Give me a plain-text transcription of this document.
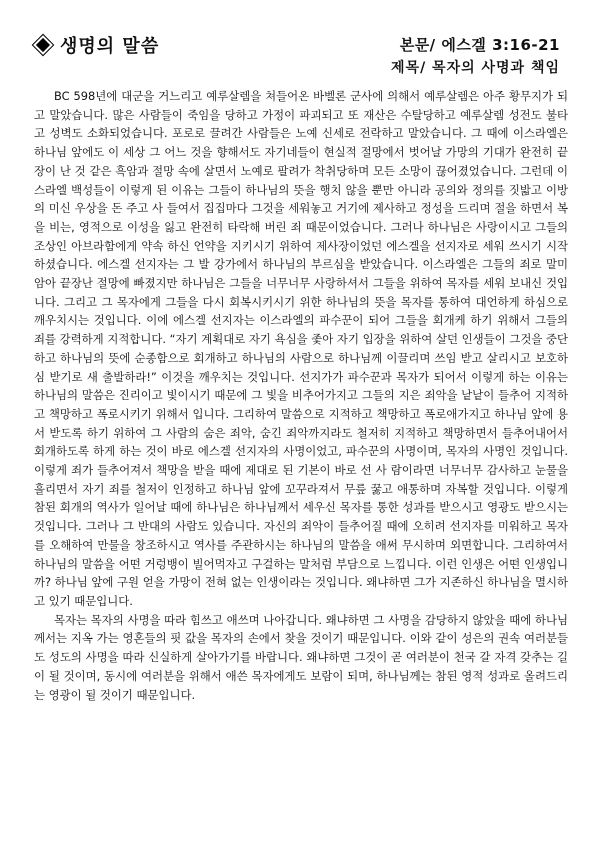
생명의 말씀	본문/ 에스겔 3:16-21
제목/ 목자의 사명과 책임

BC 598년에 대군을 거느리고 예루살렘을 쳐들어온 바벨론 군사에 의해서 예루살렘은 아주 황무지가 되고 말았습니다. 많은 사람들이 죽임을 당하고 가정이 파괴되고 또 재산은 수탈당하고 예루살렘 성전도 불타고 성벽도 소화되었습니다. 포로로 끌려간 사람들은 노예 신세로 전락하고 말았습니다. 그 때에 이스라엘은 하나님 앞에도 이 세상 그 어느 것을 향해서도 자기네들이 현실적 절망에서 벗어날 가망의 기대가 완전히 끝장이 난 것 같은 흑암과 절망 속에 살면서 노예로 팔려가 착취당하며 모든 소망이 끊어졌었습니다. 그런데 이스라엘 백성들이 이렇게 된 이유는 그들이 하나님의 뜻을 행치 않을 뿐만 아니라 공의와 정의를 짓밟고 이방의 미신 우상을 돈 주고 사 들여서 집집마다 그것을 세워놓고 거기에 제사하고 정성을 드리며 절을 하면서 복을 비는, 영적으로 이성을 잃고 완전히 타락해 버린 죄 때문이었습니다. 그러나 하나님은 사랑이시고 그들의 조상인 아브라함에게 약속 하신 언약을 지키시기 위하여 제사장이었던 에스겔을 선지자로 세워 쓰시기 시작하셨습니다. 에스겔 선지자는 그 발 강가에서 하나님의 부르심을 받았습니다. 이스라엘은 그들의 죄로 말미암아 끝장난 절망에 빠졌지만 하나님은 그들을 너무너무 사랑하셔서 그들을 위하여 목자를 세워 보내신 것입니다. 그리고 그 목자에게 그들을 다시 회복시키시기 위한 하나님의 뜻을 목자를 통하여 대언하게 하심으로 깨우치시는 것입니다. 이에 에스겔 선지자는 이스라엘의 파수꾼이 되어 그들을 회개케 하기 위해서 그들의 죄를 강력하게 지적합니다. “자기 계획대로 자기 욕심을 좇아 자기 입장을 위하여 살던 인생들이 그것을 중단하고 하나님의 뜻에 순종함으로 회개하고 하나님의 사람으로 하나님께 이끌리며 쓰임 받고 살리시고 보호하심 받기로 새 출발하라!” 이것을 깨우치는 것입니다. 선지가가 파수꾼과 목자가 되어서 이렇게 하는 이유는 하나님의 말씀은 진리이고 빛이시기 때문에 그 빛을 비추어가지고 그들의 지은 죄악을 낱낱이 들추어 지적하고 책망하고 폭로시키기 위해서 입니다. 그리하여 말씀으로 지적하고 책망하고 폭로애가지고 하나님 앞에 용서 받도록 하기 위하여 그 사람의 숨은 죄악, 숨긴 죄악까지라도 철저히 지적하고 책망하면서 들추어내어서 회개하도록 하게 하는 것이 바로 에스겔 선지자의 사명이었고, 파수꾼의 사명이며, 목자의 사명인 것입니다. 이렇게 죄가 들추어져서 책망을 받을 때에 제대로 된 기본이 바로 선 사 람이라면 너무너무 감사하고 눈물을 흘리면서 자기 죄를 철저이 인정하고 하나님 앞에 꼬꾸라져서 무릎 꿇고 애통하며 자복할 것입니다. 이렇게 참된 회개의 역사가 일어날 때에 하나님은 하나님께서 세우신 목자를 통한 성과를 받으시고 영광도 받으시는 것입니다. 그러나 그 반대의 사람도 있습니다. 자신의 죄악이 들추어질 때에 오히려 선지자를 미워하고 목자를 오해하여 만물을 창조하시고 역사를 주관하시는 하나님의 말씀을 애써 무시하며 외면합니다. 그리하여서 하나님의 말씀을 어떤 거렁뱅이 빌어먹자고 구걸하는 말처럼 부담으로 느낍니다. 이런 인생은 어떤 인생입니까? 하나님 앞에 구원 얻을 가망이 전혀 없는 인생이라는 것입니다. 왜냐하면 그가 지존하신 하나님을 멸시하고 있기 때문입니다.

목자는 목자의 사명을 따라 힘쓰고 애쓰며 나아갑니다. 왜냐하면 그 사명을 감당하지 않았을 때에 하나님께서는 지옥 가는 영혼들의 핏 값을 목자의 손에서 찾을 것이기 때문입니다. 이와 같이 성은의 권속 여러분들도 성도의 사명을 따라 신실하게 살아가기를 바랍니다. 왜냐하면 그것이 곧 여러분이 천국 갈 자격 갖추는 길이 될 것이며, 동시에 여러분을 위해서 애쓴 목자에게도 보람이 되며, 하나님께는 참된 영적 성과로 올려드리는 영광이 될 것이기 때문입니다.
